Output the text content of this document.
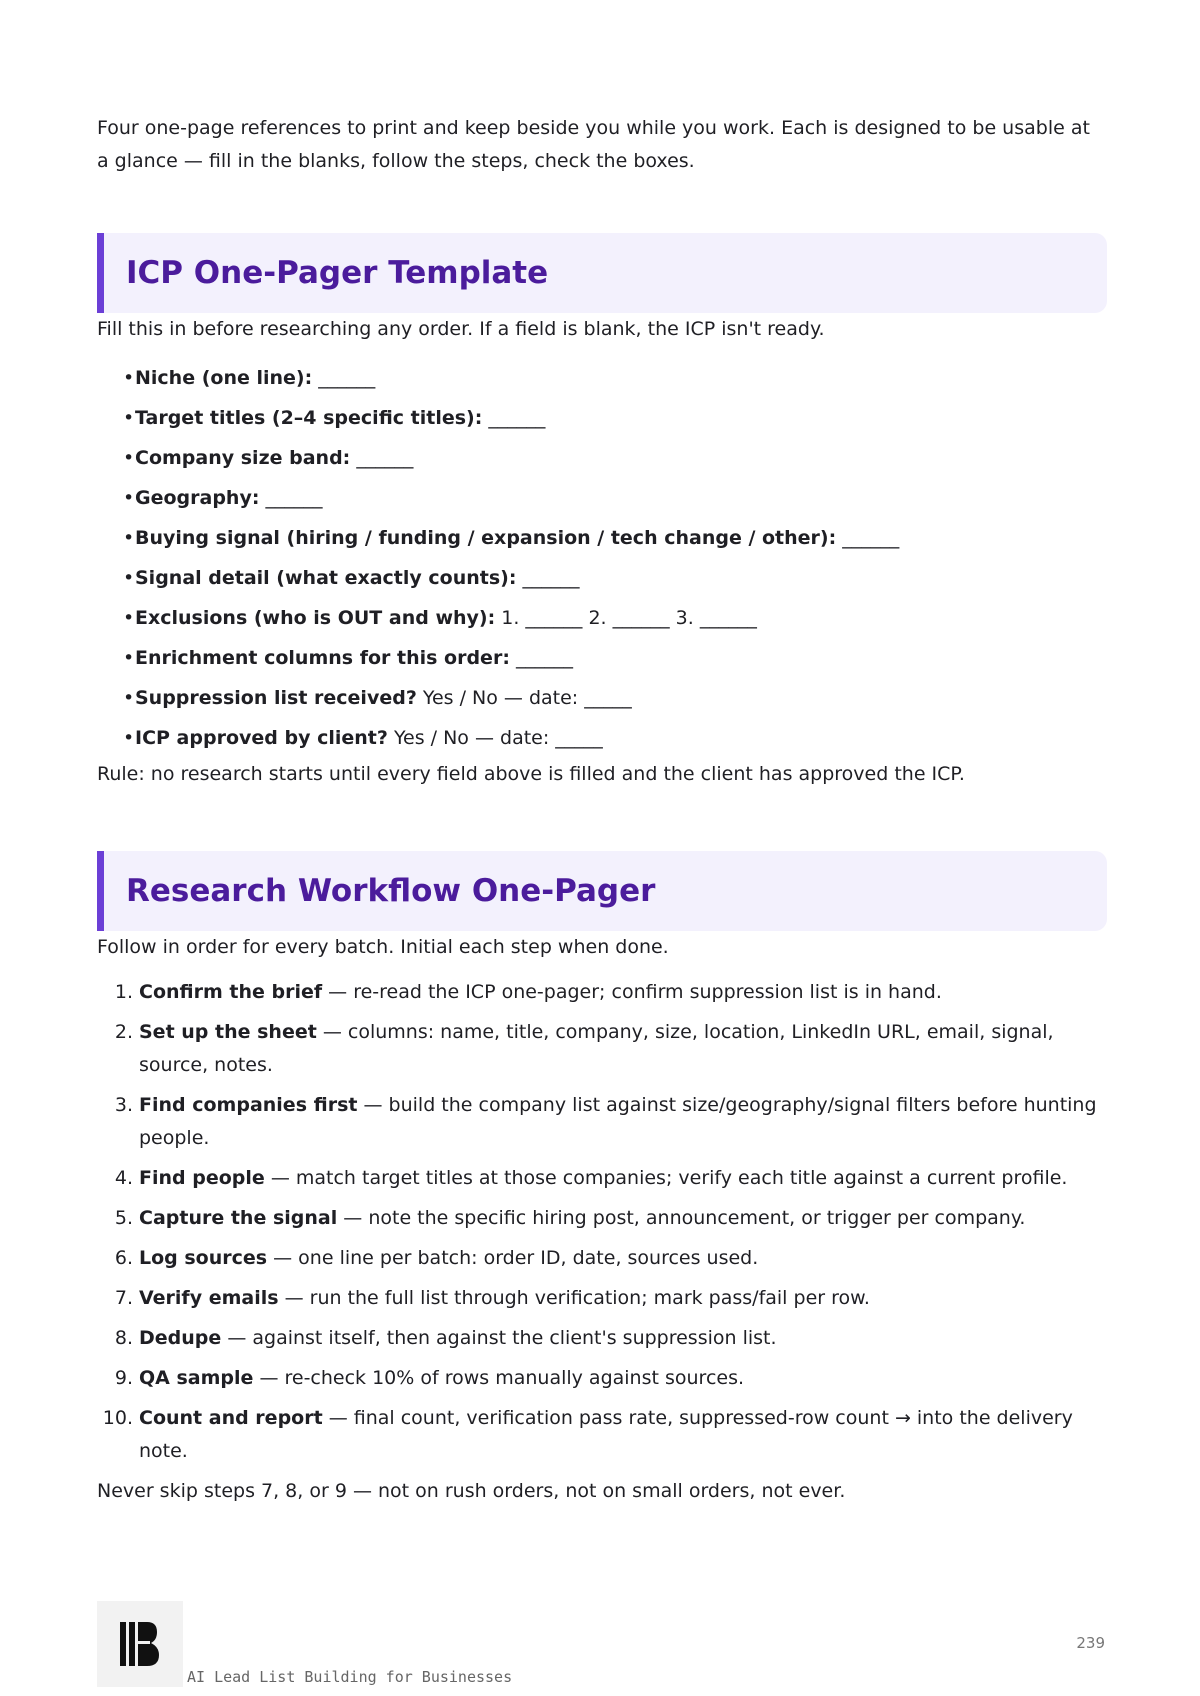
Four one-page references to print and keep beside you while you work. Each is designed to be usable at a glance — fill in the blanks, follow the steps, check the boxes.

ICP One-Pager Template

Fill this in before researching any order. If a field is blank, the ICP isn't ready.

• Niche (one line): ______
• Target titles (2–4 specific titles): ______
• Company size band: ______
• Geography: ______
• Buying signal (hiring / funding / expansion / tech change / other): ______
• Signal detail (what exactly counts): ______
• Exclusions (who is OUT and why): 1. ______ 2. ______ 3. ______
• Enrichment columns for this order: ______
• Suppression list received? Yes / No — date: _____
• ICP approved by client? Yes / No — date: _____

Rule: no research starts until every field above is filled and the client has approved the ICP.

Research Workflow One-Pager

Follow in order for every batch. Initial each step when done.

1. Confirm the brief — re-read the ICP one-pager; confirm suppression list is in hand.
2. Set up the sheet — columns: name, title, company, size, location, LinkedIn URL, email, signal, source, notes.
3. Find companies first — build the company list against size/geography/signal filters before hunting people.
4. Find people — match target titles at those companies; verify each title against a current profile.
5. Capture the signal — note the specific hiring post, announcement, or trigger per company.
6. Log sources — one line per batch: order ID, date, sources used.
7. Verify emails — run the full list through verification; mark pass/fail per row.
8. Dedupe — against itself, then against the client's suppression list.
9. QA sample — re-check 10% of rows manually against sources.
10. Count and report — final count, verification pass rate, suppressed-row count → into the delivery note.

Never skip steps 7, 8, or 9 — not on rush orders, not on small orders, not ever.

AI Lead List Building for Businesses
239
